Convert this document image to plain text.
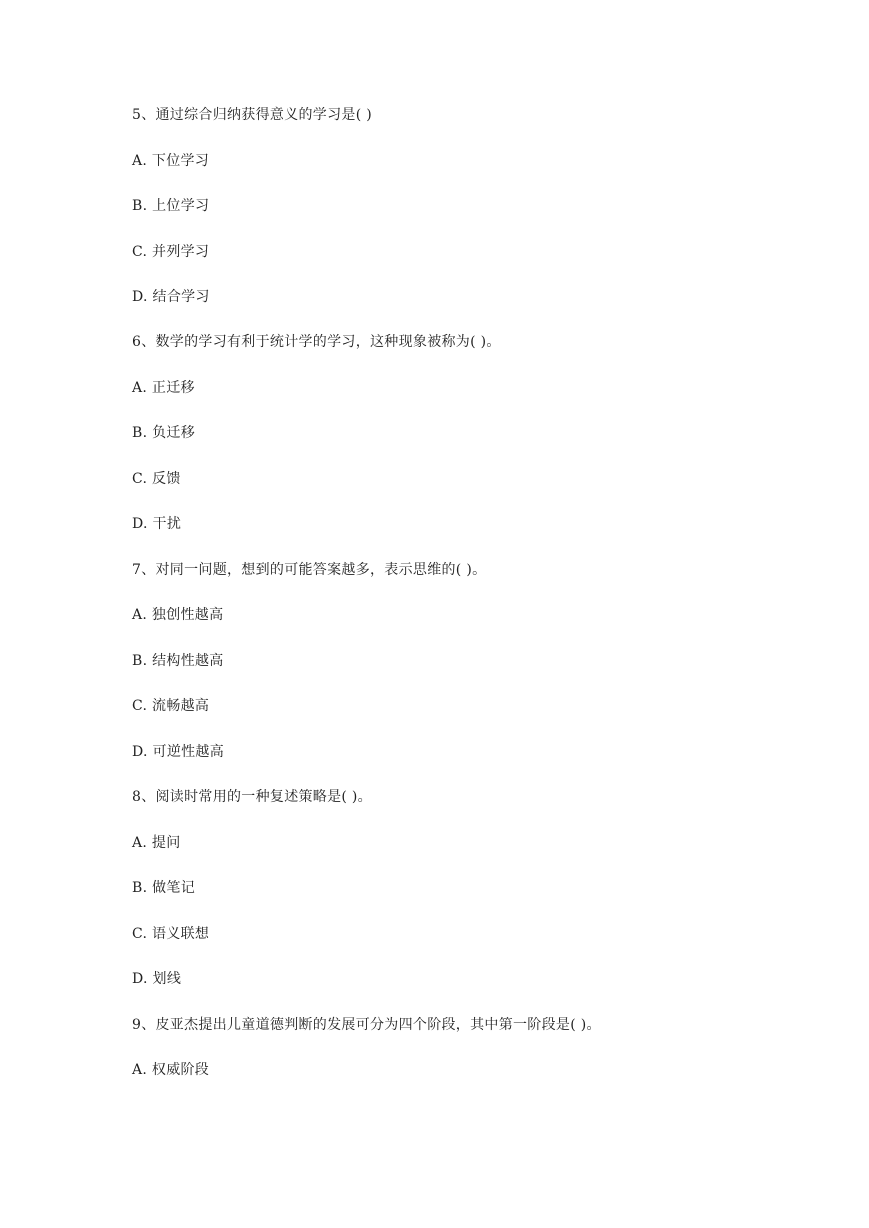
5、通过综合归纳获得意义的学习是( )
A. 下位学习
B. 上位学习
C. 并列学习
D. 结合学习
6、数学的学习有利于统计学的学习，这种现象被称为( )。
A. 正迁移
B. 负迁移
C. 反馈
D. 干扰
7、对同一问题，想到的可能答案越多，表示思维的( )。
A. 独创性越高
B. 结构性越高
C. 流畅越高
D. 可逆性越高
8、阅读时常用的一种复述策略是( )。
A. 提问
B. 做笔记
C. 语义联想
D. 划线
9、皮亚杰提出儿童道德判断的发展可分为四个阶段，其中第一阶段是( )。
A. 权威阶段
